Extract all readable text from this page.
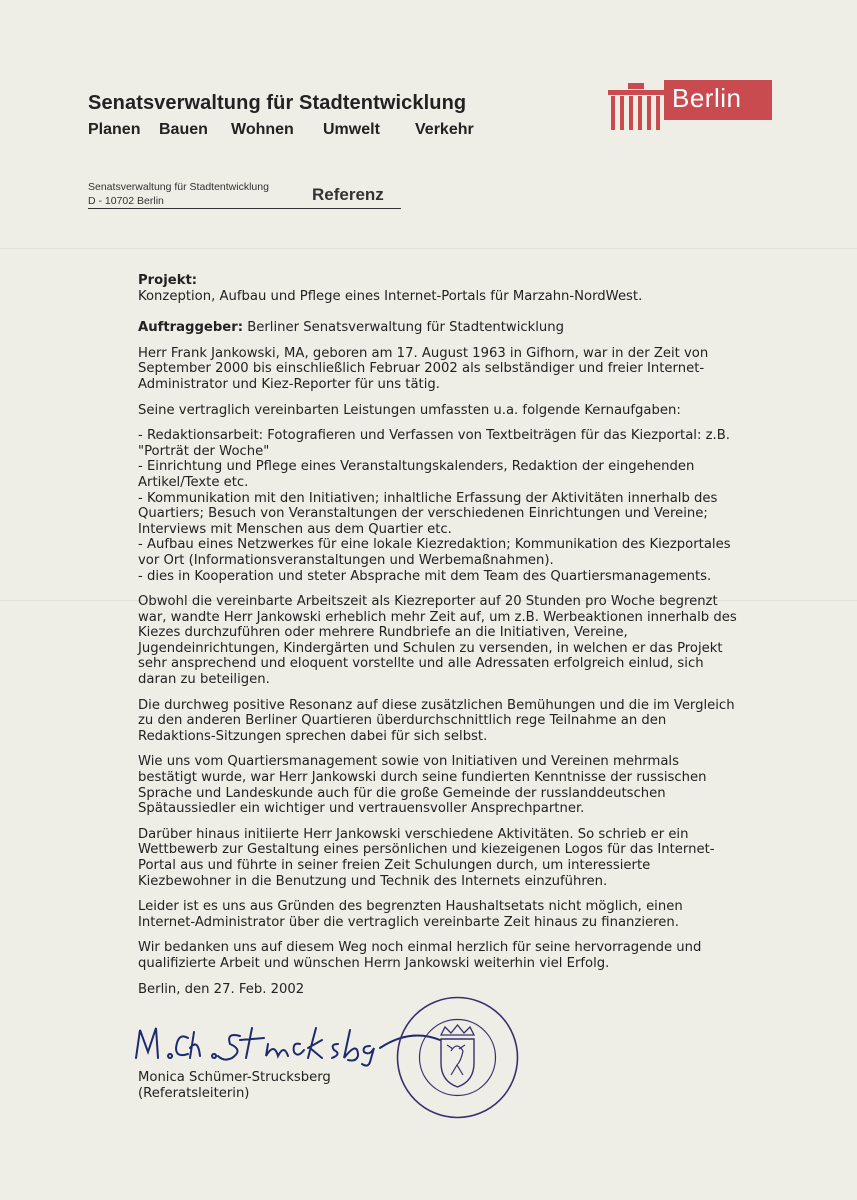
Senatsverwaltung für Stadtentwicklung
Planen	Bauen	Wohnen	Umwelt	Verkehr
Berlin
Senatsverwaltung für Stadtentwicklung
D - 10702 Berlin	Referenz

Projekt:
Konzeption, Aufbau und Pflege eines Internet-Portals für Marzahn-NordWest.

Auftraggeber: Berliner Senatsverwaltung für Stadtentwicklung

Herr Frank Jankowski, MA, geboren am 17. August 1963 in Gifhorn, war in der Zeit von September 2000 bis einschließlich Februar 2002 als selbständiger und freier Internet-Administrator und Kiez-Reporter für uns tätig.

Seine vertraglich vereinbarten Leistungen umfassten u.a. folgende Kernaufgaben:

- Redaktionsarbeit: Fotografieren und Verfassen von Textbeiträgen für das Kiezportal: z.B. "Porträt der Woche"
- Einrichtung und Pflege eines Veranstaltungskalenders, Redaktion der eingehenden Artikel/Texte etc.
- Kommunikation mit den Initiativen; inhaltliche Erfassung der Aktivitäten innerhalb des Quartiers; Besuch von Veranstaltungen der verschiedenen Einrichtungen und Vereine; Interviews mit Menschen aus dem Quartier etc.
- Aufbau eines Netzwerkes für eine lokale Kiezredaktion; Kommunikation des Kiezportales vor Ort (Informationsveranstaltungen und Werbemaßnahmen).
- dies in Kooperation und steter Absprache mit dem Team des Quartiersmanagements.

Obwohl die vereinbarte Arbeitszeit als Kiezreporter auf 20 Stunden pro Woche begrenzt war, wandte Herr Jankowski erheblich mehr Zeit auf, um z.B. Werbeaktionen innerhalb des Kiezes durchzuführen oder mehrere Rundbriefe an die Initiativen, Vereine, Jugendeinrichtungen, Kindergärten und Schulen zu versenden, in welchen er das Projekt sehr ansprechend und eloquent vorstellte und alle Adressaten erfolgreich einlud, sich daran zu beteiligen.

Die durchweg positive Resonanz auf diese zusätzlichen Bemühungen und die im Vergleich zu den anderen Berliner Quartieren überdurchschnittlich rege Teilnahme an den Redaktions-Sitzungen sprechen dabei für sich selbst.

Wie uns vom Quartiersmanagement sowie von Initiativen und Vereinen mehrmals bestätigt wurde, war Herr Jankowski durch seine fundierten Kenntnisse der russischen Sprache und Landeskunde auch für die große Gemeinde der russlanddeutschen Spätaussiedler ein wichtiger und vertrauensvoller Ansprechpartner.

Darüber hinaus initiierte Herr Jankowski verschiedene Aktivitäten. So schrieb er ein Wettbewerb zur Gestaltung eines persönlichen und kiezeigenen Logos für das Internet-Portal aus und führte in seiner freien Zeit Schulungen durch, um interessierte Kiezbewohner in die Benutzung und Technik des Internets einzuführen.

Leider ist es uns aus Gründen des begrenzten Haushaltsetats nicht möglich, einen Internet-Administrator über die vertraglich vereinbarte Zeit hinaus zu finanzieren.

Wir bedanken uns auf diesem Weg noch einmal herzlich für seine hervorragende und qualifizierte Arbeit und wünschen Herrn Jankowski weiterhin viel Erfolg.

Berlin, den 27. Feb. 2002

Monica Schümer-Strucksberg
(Referatsleiterin)
